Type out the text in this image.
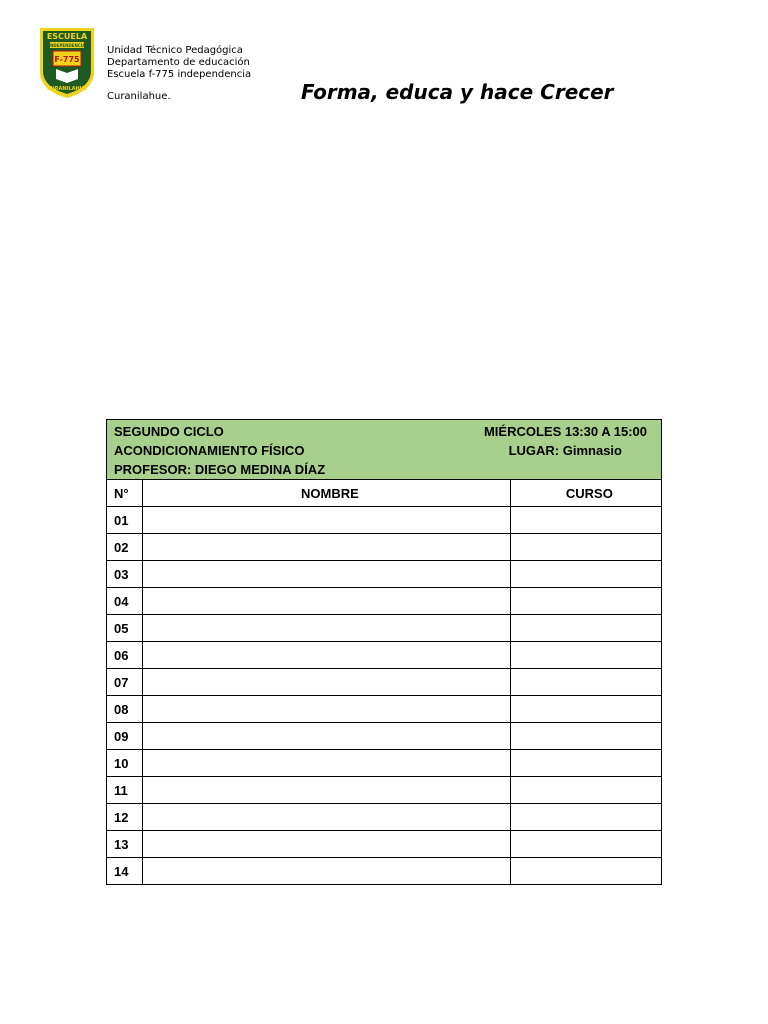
ESCUELA
INDEPENDENCIA
F-775
CURANILAHUE
Unidad Técnico Pedagógica
Departamento de educación
Escuela f-775 independencia
Curanilahue.	Forma, educa y hace Crecer
SEGUNDO CICLO MIÉRCOLES 13:30 A 15:00
ACONDICIONAMIENTO FÍSICO LUGAR: Gimnasio
PROFESOR: DIEGO MEDINA DÍAZ		

N°	NOMBRE	CURSO
01		
02		
03		
04		
05		
06		
07		
08		
09		
10		
11		
12		
13		
14		
